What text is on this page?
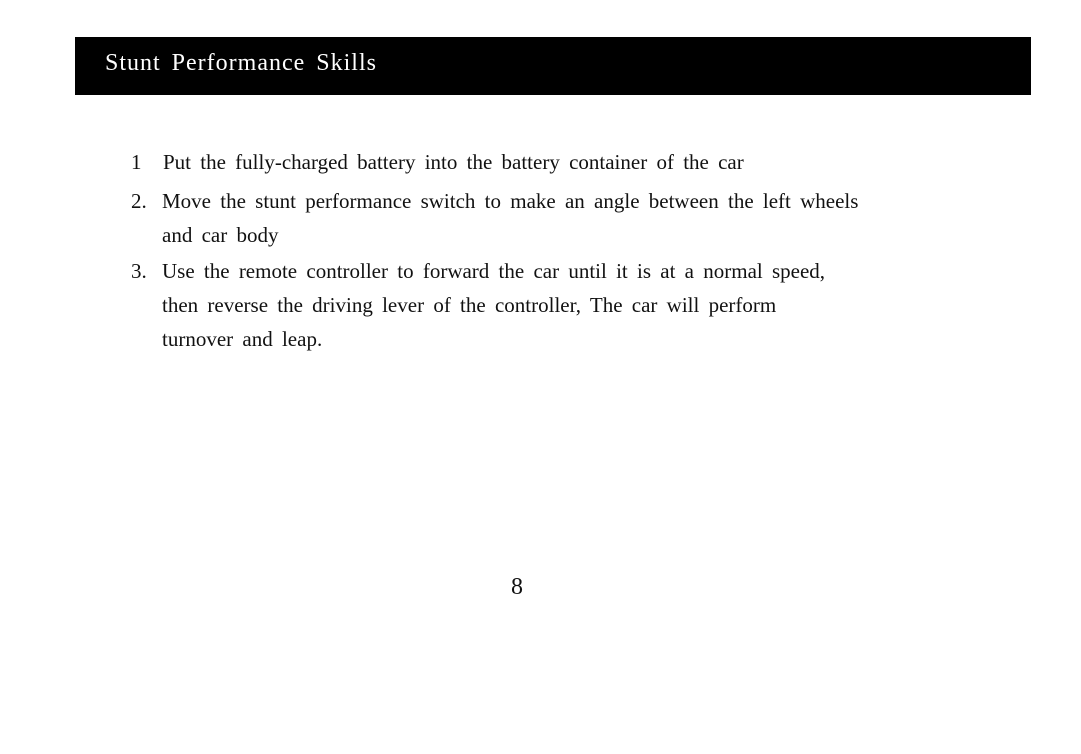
Stunt Performance Skills
1 Put the fully-charged battery into the battery container of the car
2. Move the stunt performance switch to make an angle between the left wheels
and car body
3. Use the remote controller to forward the car until it is at a normal speed,
then reverse the driving lever of the controller, The car will perform
turnover and leap.
8
